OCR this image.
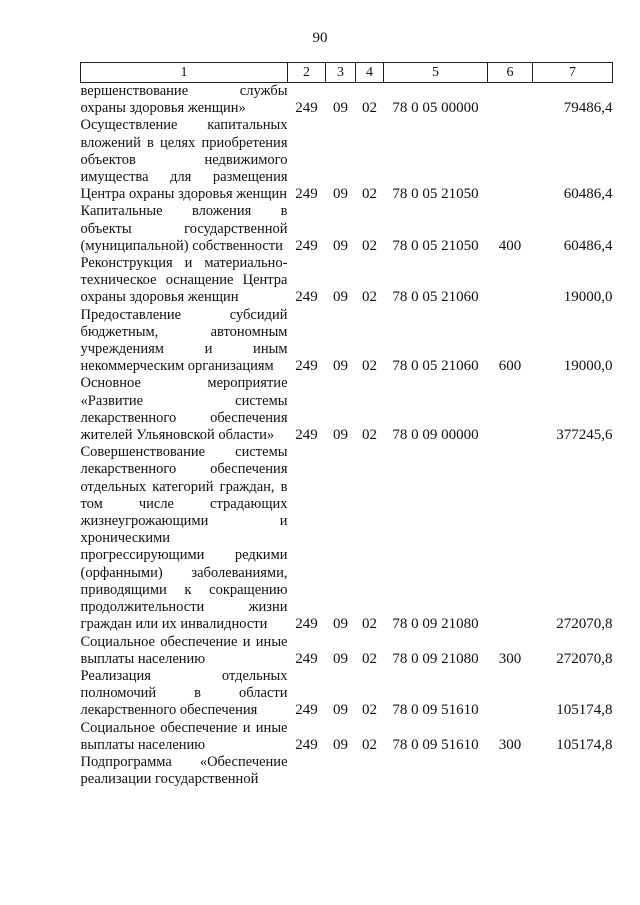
90
1	2	3	4	5	6	7
вершенствование службы охраны здоровья женщин»	249	09	02	78 0 05 00000		79486,4
Осуществление капитальных вложений в целях приобретения объектов недвижимого имущества для размещения Центра охраны здоровья женщин	249	09	02	78 0 05 21050		60486,4
Капитальные вложения в объекты государственной (муниципальной) собственности	249	09	02	78 0 05 21050	400	60486,4
Реконструкция и материально-техническое оснащение Центра охраны здоровья женщин	249	09	02	78 0 05 21060		19000,0
Предоставление субсидий бюджетным, автономным учреждениям и иным некоммерческим организациям	249	09	02	78 0 05 21060	600	19000,0
Основное мероприятие «Развитие системы лекарственного обеспечения жителей Ульяновской области»	249	09	02	78 0 09 00000		377245,6
Совершенствование системы лекарственного обеспечения отдельных категорий граждан, в том числе страдающих жизнеугрожающими и хроническими прогрессирующими редкими (орфанными) заболеваниями, приводящими к сокращению продолжительности жизни граждан или их инвалидности	249	09	02	78 0 09 21080		272070,8
Социальное обеспечение и иные выплаты населению	249	09	02	78 0 09 21080	300	272070,8
Реализация отдельных полномочий в области лекарственного обеспечения	249	09	02	78 0 09 51610		105174,8
Социальное обеспечение и иные выплаты населению	249	09	02	78 0 09 51610	300	105174,8
Подпрограмма «Обеспечение реализации государственной						
